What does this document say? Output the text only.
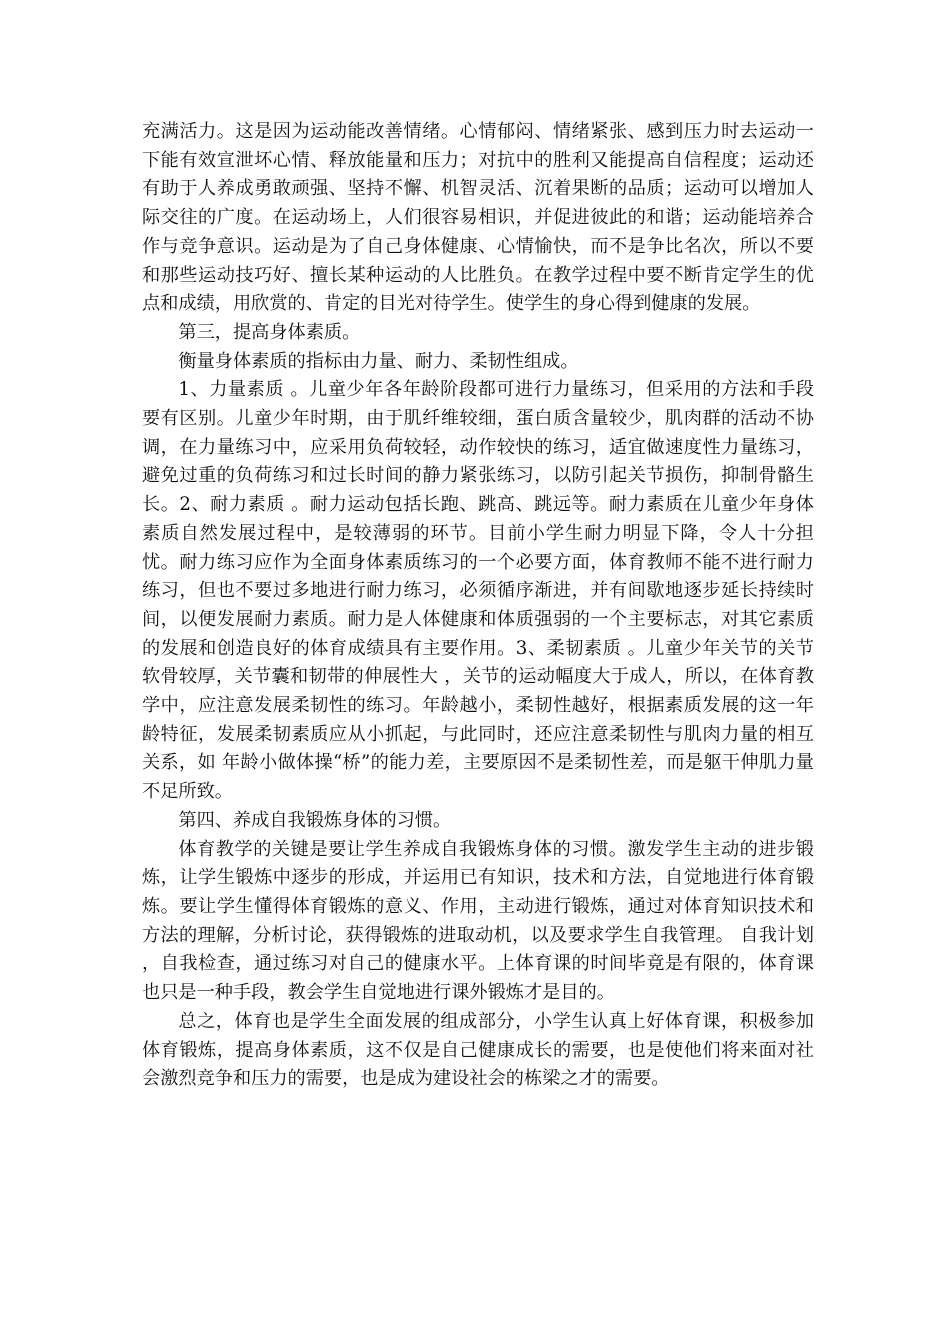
充满活力。这是因为运动能改善情绪。心情郁闷、情绪紧张、感到压力时去运动一下能有效宣泄坏心情、释放能量和压力；对抗中的胜利又能提高自信程度；运动还有助于人养成勇敢顽强、坚持不懈、机智灵活、沉着果断的品质；运动可以增加人际交往的广度。在运动场上，人们很容易相识，并促进彼此的和谐；运动能培养合作与竞争意识。运动是为了自己身体健康、心情愉快，而不是争比名次，所以不要和那些运动技巧好、擅长某种运动的人比胜负。在教学过程中要不断肯定学生的优点和成绩，用欣赏的、肯定的目光对待学生。使学生的身心得到健康的发展。

第三，提高身体素质。

衡量身体素质的指标由力量、耐力、柔韧性组成。

1、力量素质 。儿童少年各年龄阶段都可进行力量练习，但采用的方法和手段要有区别。儿童少年时期，由于肌纤维较细，蛋白质含量较少，肌肉群的活动不协调，在力量练习中，应采用负荷较轻，动作较快的练习，适宜做速度性力量练习，避免过重的负荷练习和过长时间的静力紧张练习，以防引起关节损伤，抑制骨骼生长。2、耐力素质 。耐力运动包括长跑、跳高、跳远等。耐力素质在儿童少年身体素质自然发展过程中，是较薄弱的环节。目前小学生耐力明显下降，令人十分担忧。耐力练习应作为全面身体素质练习的一个必要方面，体育教师不能不进行耐力练习，但也不要过多地进行耐力练习，必须循序渐进，并有间歇地逐步延长持续时间，以便发展耐力素质。耐力是人体健康和体质强弱的一个主要标志，对其它素质的发展和创造良好的体育成绩具有主要作用。3、柔韧素质 。儿童少年关节的关节软骨较厚，关节囊和韧带的伸展性大 ，关节的运动幅度大于成人，所以，在体育教学中，应注意发展柔韧性的练习。年龄越小，柔韧性越好，根据素质发展的这一年龄特征，发展柔韧素质应从小抓起，与此同时，还应注意柔韧性与肌肉力量的相互关系，如 年龄小做体操“桥”的能力差，主要原因不是柔韧性差，而是躯干伸肌力量不足所致。

第四、养成自我锻炼身体的习惯。

体育教学的关键是要让学生养成自我锻炼身体的习惯。激发学生主动的进步锻炼，让学生锻炼中逐步的形成，并运用已有知识，技术和方法，自觉地进行体育锻炼。要让学生懂得体育锻炼的意义、作用，主动进行锻炼，通过对体育知识技术和方法的理解，分析讨论，获得锻炼的进取动机，以及要求学生自我管理。 自我计划 ，自我检查，通过练习对自己的健康水平。上体育课的时间毕竟是有限的，体育课也只是一种手段，教会学生自觉地进行课外锻炼才是目的。

总之，体育也是学生全面发展的组成部分，小学生认真上好体育课，积极参加体育锻炼，提高身体素质，这不仅是自己健康成长的需要，也是使他们将来面对社会激烈竞争和压力的需要，也是成为建设社会的栋梁之才的需要。
